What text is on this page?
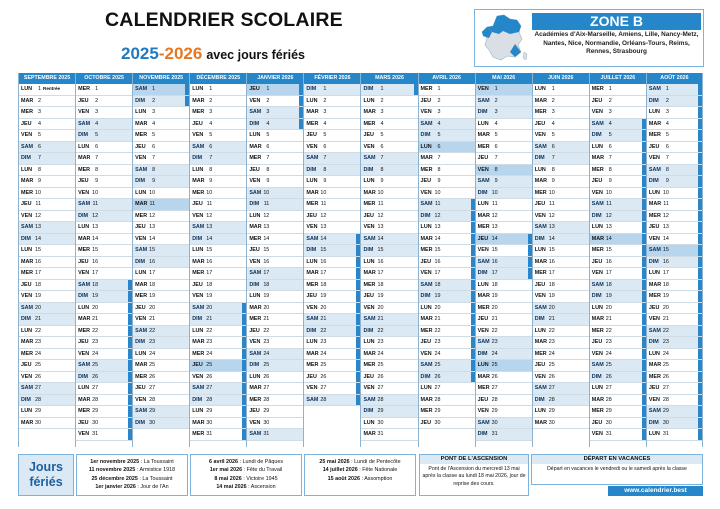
CALENDRIER SCOLAIRE
2025-2026 avec jours fériés
ZONE B
Académies d'Aix-Marseille, Amiens, Lille, Nancy-Metz, Nantes, Nice, Normandie, Orléans-Tours, Reims, Rennes, Strasbourg
SEPTEMBRE 2025
LUN 1 Rentrée
MAR 2
MER 3
JEU 4
VEN 5
SAM 6
DIM 7
LUN 8
MAR 9
MER 10
JEU 11
VEN 12
SAM 13
DIM 14
LUN 15
MAR 16
MER 17
JEU 18
VEN 19
SAM 20
DIM 21
LUN 22
MAR 23
MER 24
JEU 25
VEN 26
SAM 27
DIM 28
LUN 29
MAR 30
OCTOBRE 2025
MER 1
JEU 2
VEN 3
SAM 4
DIM 5
LUN 6
MAR 7
MER 8
JEU 9
VEN 10
SAM 11
DIM 12
LUN 13
MAR 14
MER 15
JEU 16
VEN 17
SAM 18
DIM 19
LUN 20
MAR 21
MER 22
JEU 23
VEN 24
SAM 25
DIM 26
LUN 27
MAR 28
MER 29
JEU 30
VEN 31
NOVEMBRE 2025
SAM 1
DIM 2
LUN 3
MAR 4
MER 5
JEU 6
VEN 7
SAM 8
DIM 9
LUN 10
MAR 11
MER 12
JEU 13
VEN 14
SAM 15
DIM 16
LUN 17
MAR 18
MER 19
JEU 20
VEN 21
SAM 22
DIM 23
LUN 24
MAR 25
MER 26
JEU 27
VEN 28
SAM 29
DIM 30
DÉCEMBRE 2025
LUN 1
MAR 2
MER 3
JEU 4
VEN 5
SAM 6
DIM 7
LUN 8
MAR 9
MER 10
JEU 11
VEN 12
SAM 13
DIM 14
LUN 15
MAR 16
MER 17
JEU 18
VEN 19
SAM 20
DIM 21
LUN 22
MAR 23
MER 24
JEU 25
VEN 26
SAM 27
DIM 28
LUN 29
MAR 30
MER 31
JANVIER 2026
JEU 1
VEN 2
SAM 3
DIM 4
LUN 5
MAR 6
MER 7
JEU 8
VEN 9
SAM 10
DIM 11
LUN 12
MAR 13
MER 14
JEU 15
VEN 16
SAM 17
DIM 18
LUN 19
MAR 20
MER 21
JEU 22
VEN 23
SAM 24
DIM 25
LUN 26
MAR 27
MER 28
JEU 29
VEN 30
SAM 31
FÉVRIER 2026
DIM 1
LUN 2
MAR 3
MER 4
JEU 5
VEN 6
SAM 7
DIM 8
LUN 9
MAR 10
MER 11
JEU 12
VEN 13
SAM 14
DIM 15
LUN 16
MAR 17
MER 18
JEU 19
VEN 20
SAM 21
DIM 22
LUN 23
MAR 24
MER 25
JEU 26
VEN 27
SAM 28
MARS 2026
DIM 1
LUN 2
MAR 3
MER 4
JEU 5
VEN 6
SAM 7
DIM 8
LUN 9
MAR 10
MER 11
JEU 12
VEN 13
SAM 14
DIM 15
LUN 16
MAR 17
MER 18
JEU 19
VEN 20
SAM 21
DIM 22
LUN 23
MAR 24
MER 25
JEU 26
VEN 27
SAM 28
DIM 29
LUN 30
MAR 31
AVRIL 2026
MER 1
JEU 2
VEN 3
SAM 4
DIM 5
LUN 6
MAR 7
MER 8
JEU 9
VEN 10
SAM 11
DIM 12
LUN 13
MAR 14
MER 15
JEU 16
VEN 17
SAM 18
DIM 19
LUN 20
MAR 21
MER 22
JEU 23
VEN 24
SAM 25
DIM 26
LUN 27
MAR 28
MER 29
JEU 30
MAI 2026
VEN 1
SAM 2
DIM 3
LUN 4
MAR 5
MER 6
JEU 7
VEN 8
SAM 9
DIM 10
LUN 11
MAR 12
MER 13
JEU 14
VEN 15
SAM 16
DIM 17
LUN 18
MAR 19
MER 20
JEU 21
VEN 22
SAM 23
DIM 24
LUN 25
MAR 26
MER 27
JEU 28
VEN 29
SAM 30
DIM 31
JUIN 2026
LUN 1
MAR 2
MER 3
JEU 4
VEN 5
SAM 6
DIM 7
LUN 8
MAR 9
MER 10
JEU 11
VEN 12
SAM 13
DIM 14
LUN 15
MAR 16
MER 17
JEU 18
VEN 19
SAM 20
DIM 21
LUN 22
MAR 23
MER 24
JEU 25
VEN 26
SAM 27
DIM 28
LUN 29
MAR 30
JUILLET 2026
MER 1
JEU 2
VEN 3
SAM 4
DIM 5
LUN 6
MAR 7
MER 8
JEU 9
VEN 10
SAM 11
DIM 12
LUN 13
MAR 14
MER 15
JEU 16
VEN 17
SAM 18
DIM 19
LUN 20
MAR 21
MER 22
JEU 23
VEN 24
SAM 25
DIM 26
LUN 27
MAR 28
MER 29
JEU 30
VEN 31
AOÛT 2026
SAM 1
DIM 2
LUN 3
MAR 4
MER 5
JEU 6
VEN 7
SAM 8
DIM 9
LUN 10
MAR 11
MER 12
JEU 13
VEN 14
SAM 15
DIM 16
LUN 17
MAR 18
MER 19
JEU 20
VEN 21
SAM 22
DIM 23
LUN 24
MAR 25
MER 26
JEU 27
VEN 28
SAM 29
DIM 30
LUN 31
Jours
fériés
1er novembre 2025 : La Toussaint
11 novembre 2025 : Armistice 1918
25 décembre 2025 : La Toussaint
1er janvier 2026 : Jour de l'An
6 avril 2026 : Lundi de Pâques
1er mai 2026 : Fête du Travail
8 mai 2026 : Victoire 1945
14 mai 2026 : Ascension
25 mai 2026 : Lundi de Pentecôte
14 juillet 2026 : Fête Nationale
15 août 2026 : Assomption
PONT DE L'ASCENSION
Pont de l'Ascension du mercredi 13 mai après la classe au lundi 18 mai 2026, jour de reprise des cours.
DÉPART EN VACANCES
Départ en vacances le vendredi ou le samedi après la classe
www.calendrier.best
